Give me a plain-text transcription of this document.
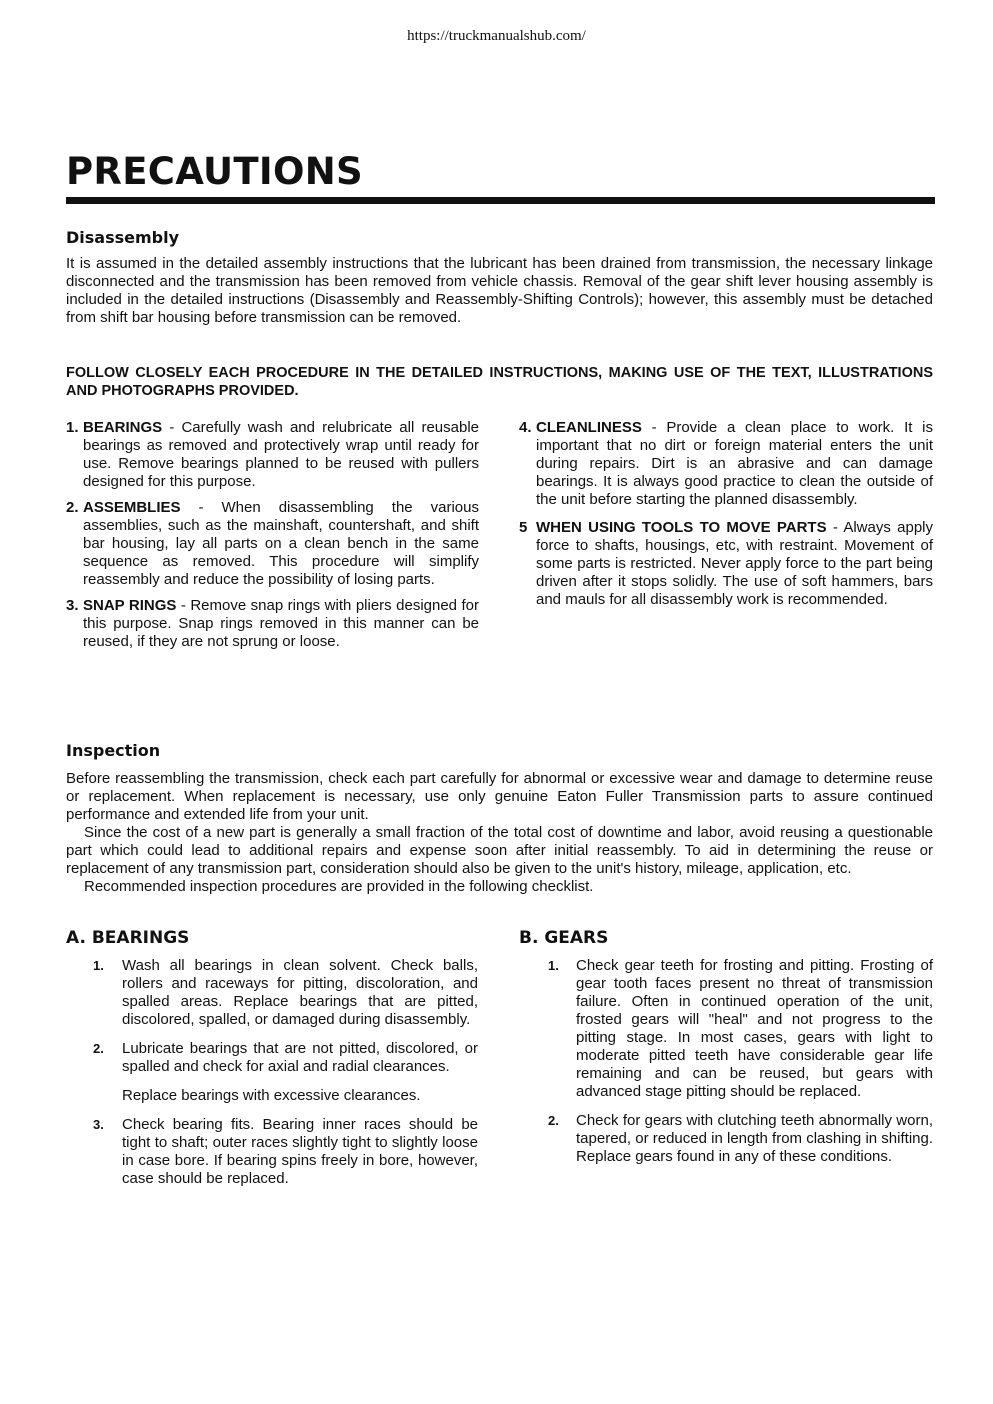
https://truckmanualshub.com/
PRECAUTIONS
Disassembly
It is assumed in the detailed assembly instructions that the lubricant has been drained from transmission, the necessary linkage disconnected and the transmission has been removed from vehicle chassis. Removal of the gear shift lever housing assembly is included in the detailed instructions (Disassembly and Reassembly-Shifting Controls); however, this assembly must be detached from shift bar housing before transmission can be removed.
FOLLOW CLOSELY EACH PROCEDURE IN THE DETAILED INSTRUCTIONS, MAKING USE OF THE TEXT, ILLUSTRATIONS AND PHOTOGRAPHS PROVIDED.
1. BEARINGS - Carefully wash and relubricate all reusable bearings as removed and protectively wrap until ready for use. Remove bearings planned to be reused with pullers designed for this purpose.
2. ASSEMBLIES - When disassembling the various assemblies, such as the mainshaft, countershaft, and shift bar housing, lay all parts on a clean bench in the same sequence as removed. This procedure will simplify reassembly and reduce the possibility of losing parts.
3. SNAP RINGS - Remove snap rings with pliers designed for this purpose. Snap rings removed in this manner can be reused, if they are not sprung or loose.
4. CLEANLINESS - Provide a clean place to work. It is important that no dirt or foreign material enters the unit during repairs. Dirt is an abrasive and can damage bearings. It is always good practice to clean the outside of the unit before starting the planned disassembly.
5 WHEN USING TOOLS TO MOVE PARTS - Always apply force to shafts, housings, etc, with restraint. Movement of some parts is restricted. Never apply force to the part being driven after it stops solidly. The use of soft hammers, bars and mauls for all disassembly work is recommended.
Inspection
Before reassembling the transmission, check each part carefully for abnormal or excessive wear and damage to determine reuse or replacement. When replacement is necessary, use only genuine Eaton Fuller Transmission parts to assure continued performance and extended life from your unit.
Since the cost of a new part is generally a small fraction of the total cost of downtime and labor, avoid reusing a questionable part which could lead to additional repairs and expense soon after initial reassembly. To aid in determining the reuse or replacement of any transmission part, consideration should also be given to the unit's history, mileage, application, etc.
Recommended inspection procedures are provided in the following checklist.
A. BEARINGS
1. Wash all bearings in clean solvent. Check balls, rollers and raceways for pitting, discoloration, and spalled areas. Replace bearings that are pitted, discolored, spalled, or damaged during disassembly.
2. Lubricate bearings that are not pitted, discolored, or spalled and check for axial and radial clearances.
Replace bearings with excessive clearances.
3. Check bearing fits. Bearing inner races should be tight to shaft; outer races slightly tight to slightly loose in case bore. If bearing spins freely in bore, however, case should be replaced.
B. GEARS
1. Check gear teeth for frosting and pitting. Frosting of gear tooth faces present no threat of transmission failure. Often in continued operation of the unit, frosted gears will "heal" and not progress to the pitting stage. In most cases, gears with light to moderate pitted teeth have considerable gear life remaining and can be reused, but gears with advanced stage pitting should be replaced.
2. Check for gears with clutching teeth abnormally worn, tapered, or reduced in length from clashing in shifting. Replace gears found in any of these conditions.
